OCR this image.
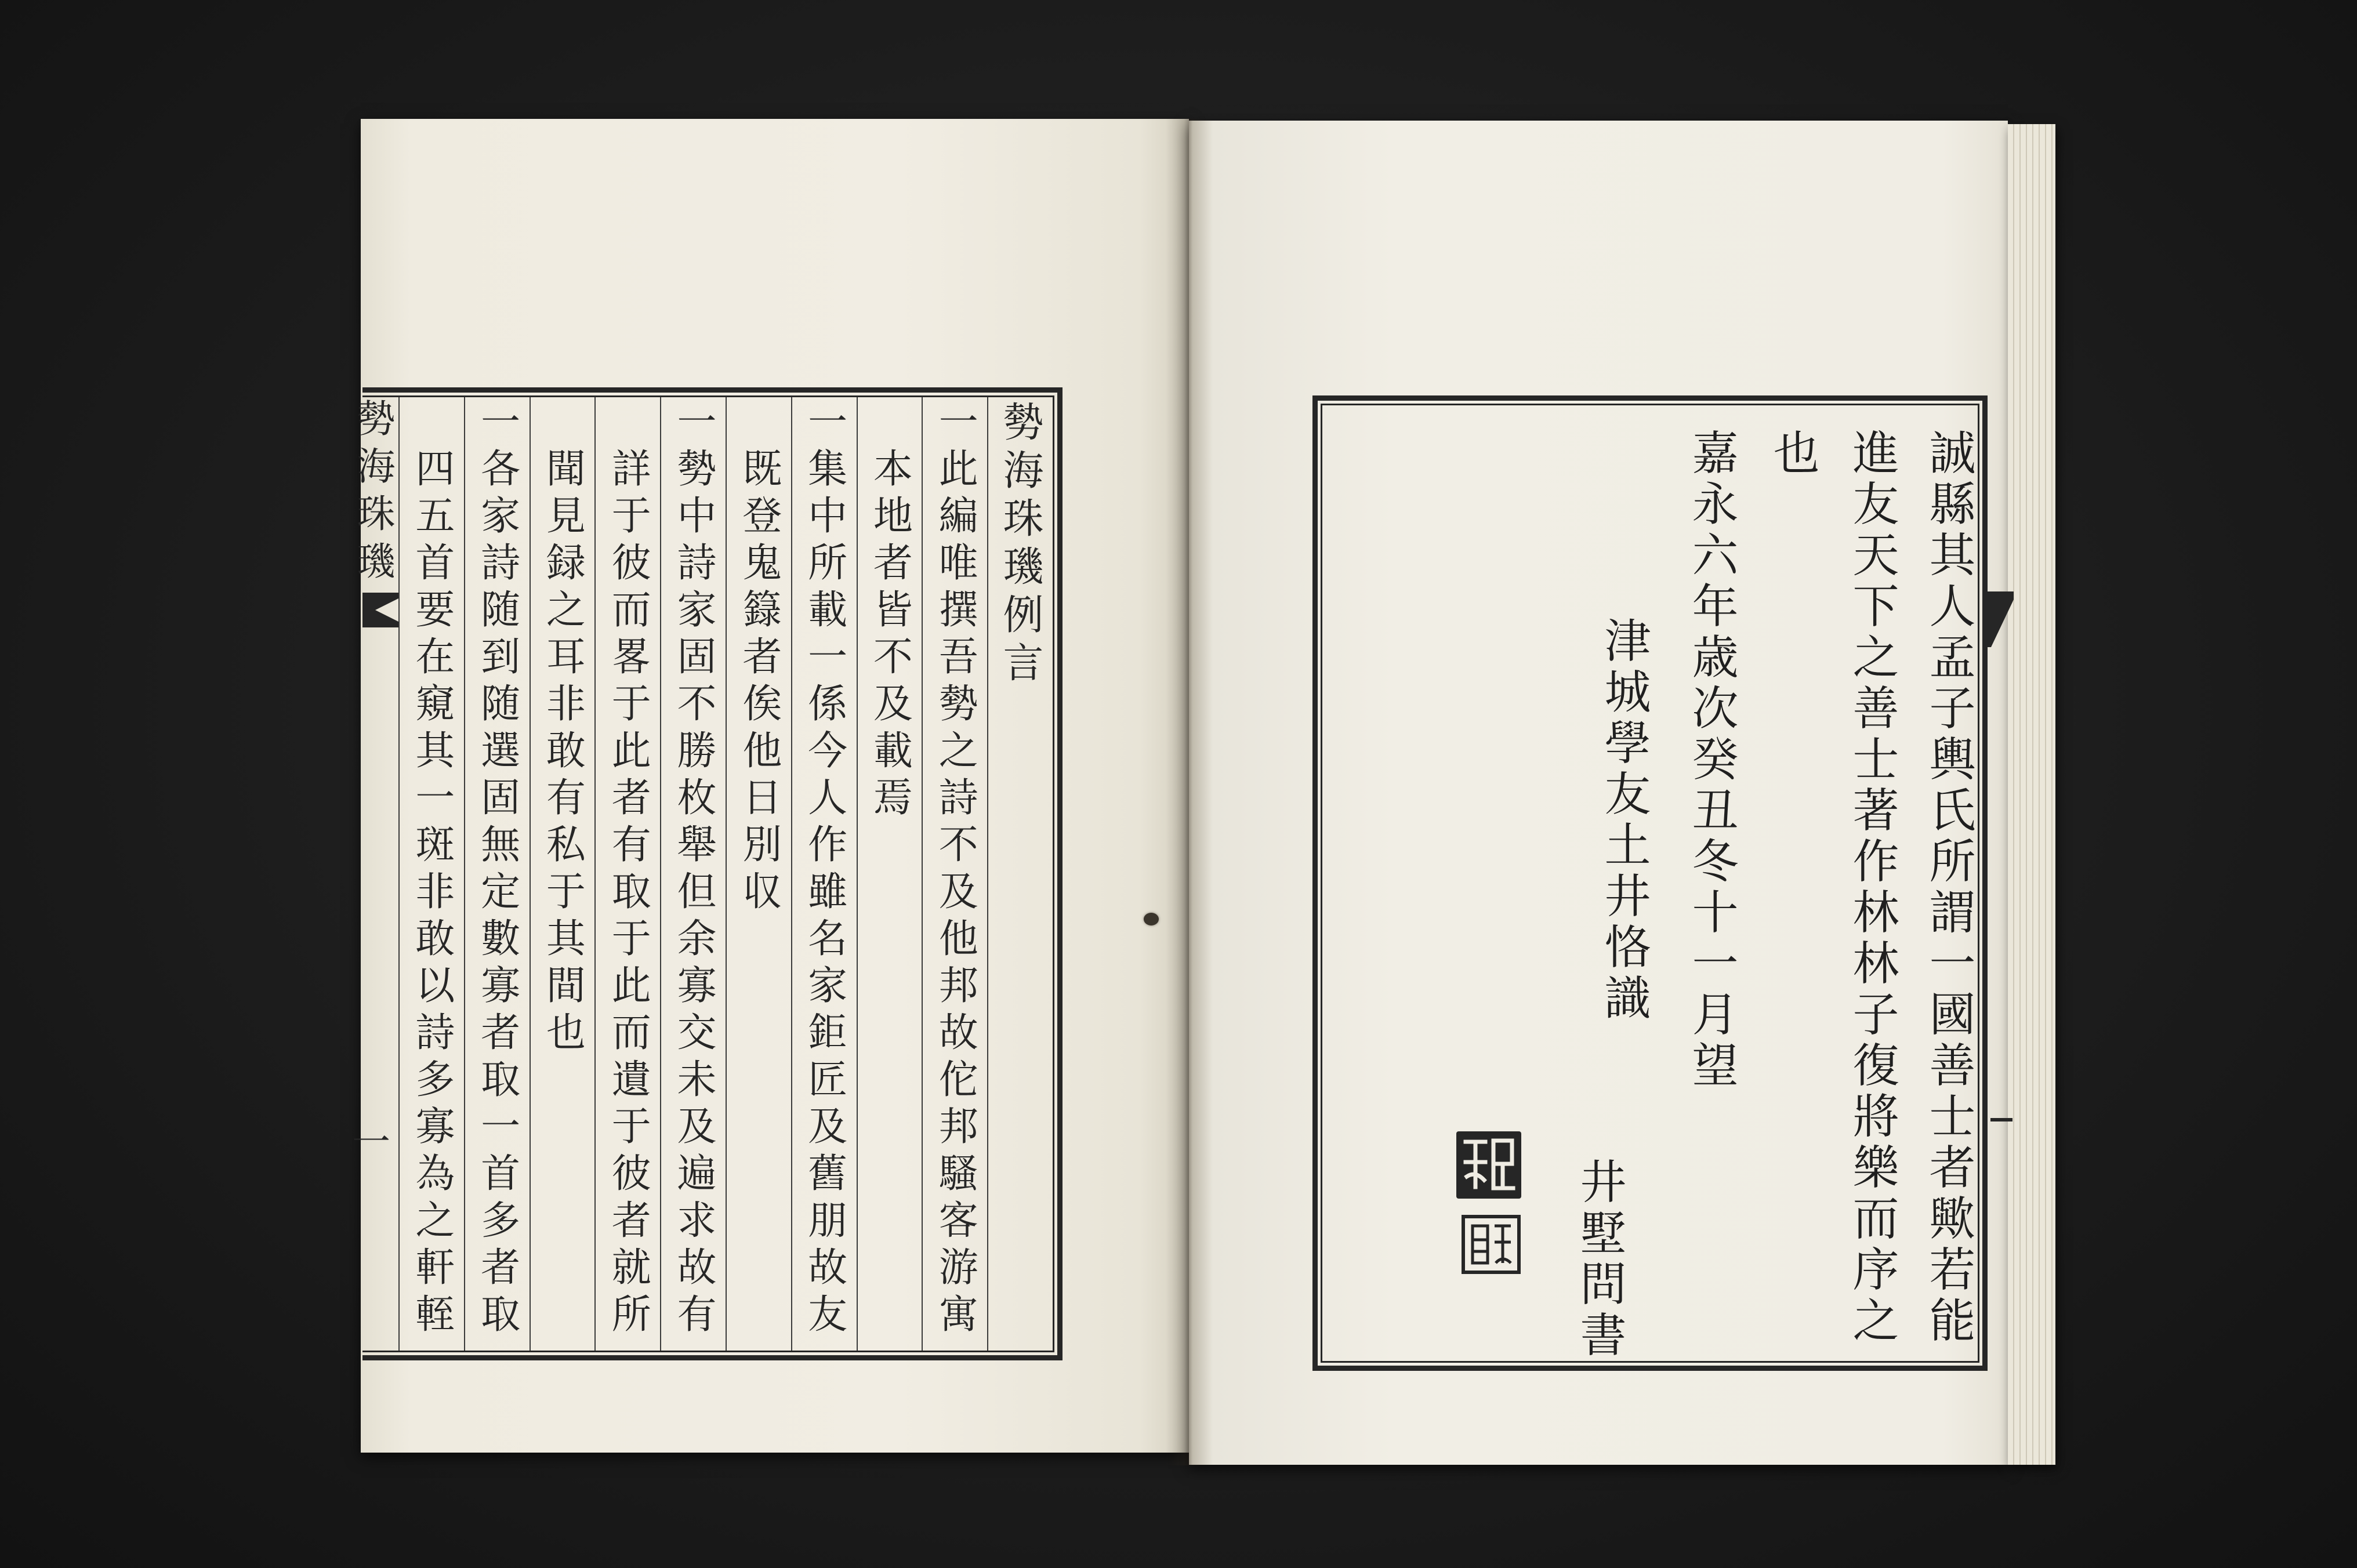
勢海珠璣
一
勢海珠璣例言
一此編唯撰吾勢之詩不及他邦故佗邦騷客游寓
本地者皆不及載焉
一集中所載一係今人作雖名家鉅匠及舊朋故友
既登鬼籙者俟他日別収
一勢中詩家固不勝枚舉但余寡交未及遍求故有
詳于彼而畧于此者有取于此而遺于彼者就所
聞見録之耳非敢有私于其間也
一各家詩随到随選固無定數寡者取一首多者取
四五首要在窺其一斑非敢以詩多寡為之軒輊	誠縣其人孟子輿氏所謂一國善士者歟若能
進友天下之善士著作林林子復將樂而序之
也
嘉永六年歳次癸丑冬十一月望
津城學友土井恪識
井墅問書
